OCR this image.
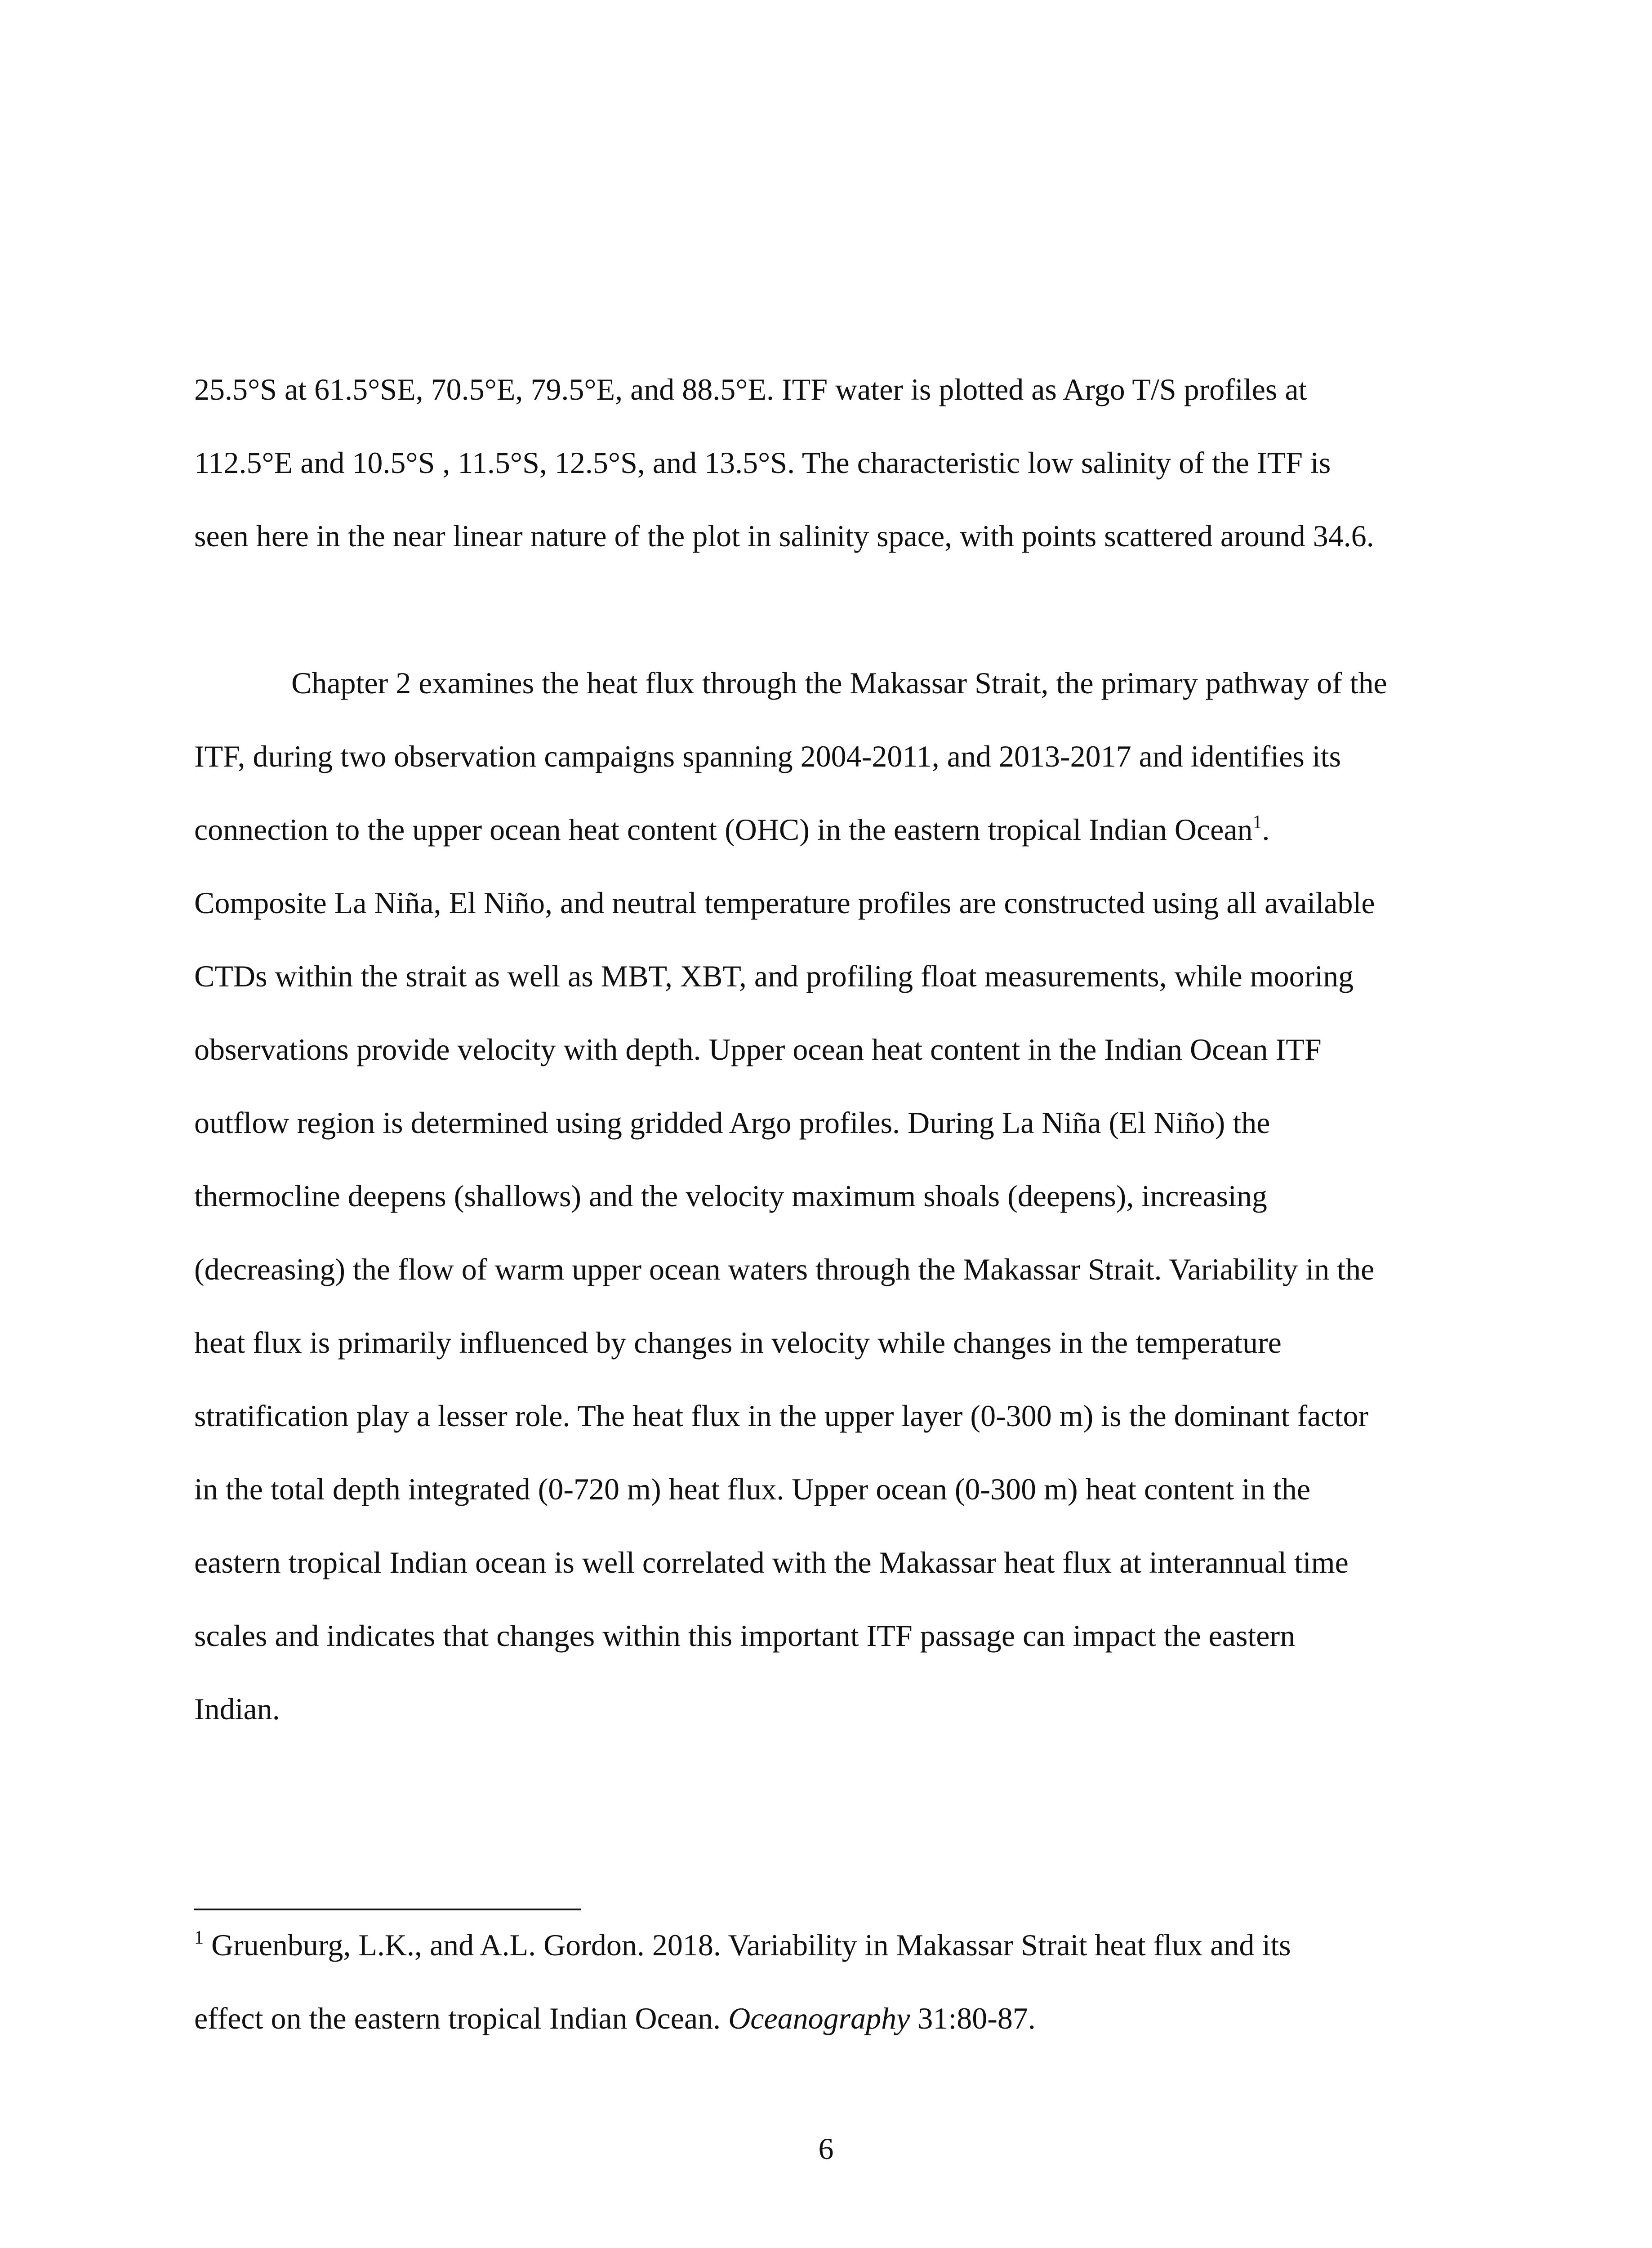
25.5°S at 61.5°SE, 70.5°E, 79.5°E, and 88.5°E. ITF water is plotted as Argo T/S profiles at
112.5°E and 10.5°S , 11.5°S, 12.5°S, and 13.5°S. The characteristic low salinity of the ITF is
seen here in the near linear nature of the plot in salinity space, with points scattered around 34.6.
Chapter 2 examines the heat flux through the Makassar Strait, the primary pathway of the
ITF, during two observation campaigns spanning 2004-2011, and 2013-2017 and identifies its
connection to the upper ocean heat content (OHC) in the eastern tropical Indian Ocean$^1$.
Composite La Niña, El Niño, and neutral temperature profiles are constructed using all available
CTDs within the strait as well as MBT, XBT, and profiling float measurements, while mooring
observations provide velocity with depth. Upper ocean heat content in the Indian Ocean ITF
outflow region is determined using gridded Argo profiles. During La Niña (El Niño) the
thermocline deepens (shallows) and the velocity maximum shoals (deepens), increasing
(decreasing) the flow of warm upper ocean waters through the Makassar Strait. Variability in the
heat flux is primarily influenced by changes in velocity while changes in the temperature
stratification play a lesser role. The heat flux in the upper layer (0-300 m) is the dominant factor
in the total depth integrated (0-720 m) heat flux. Upper ocean (0-300 m) heat content in the
eastern tropical Indian ocean is well correlated with the Makassar heat flux at interannual time
scales and indicates that changes within this important ITF passage can impact the eastern
Indian.
$^1$ Gruenburg, L.K., and A.L. Gordon. 2018. Variability in Makassar Strait heat flux and its
effect on the eastern tropical Indian Ocean. Oceanography 31:80-87.
6
